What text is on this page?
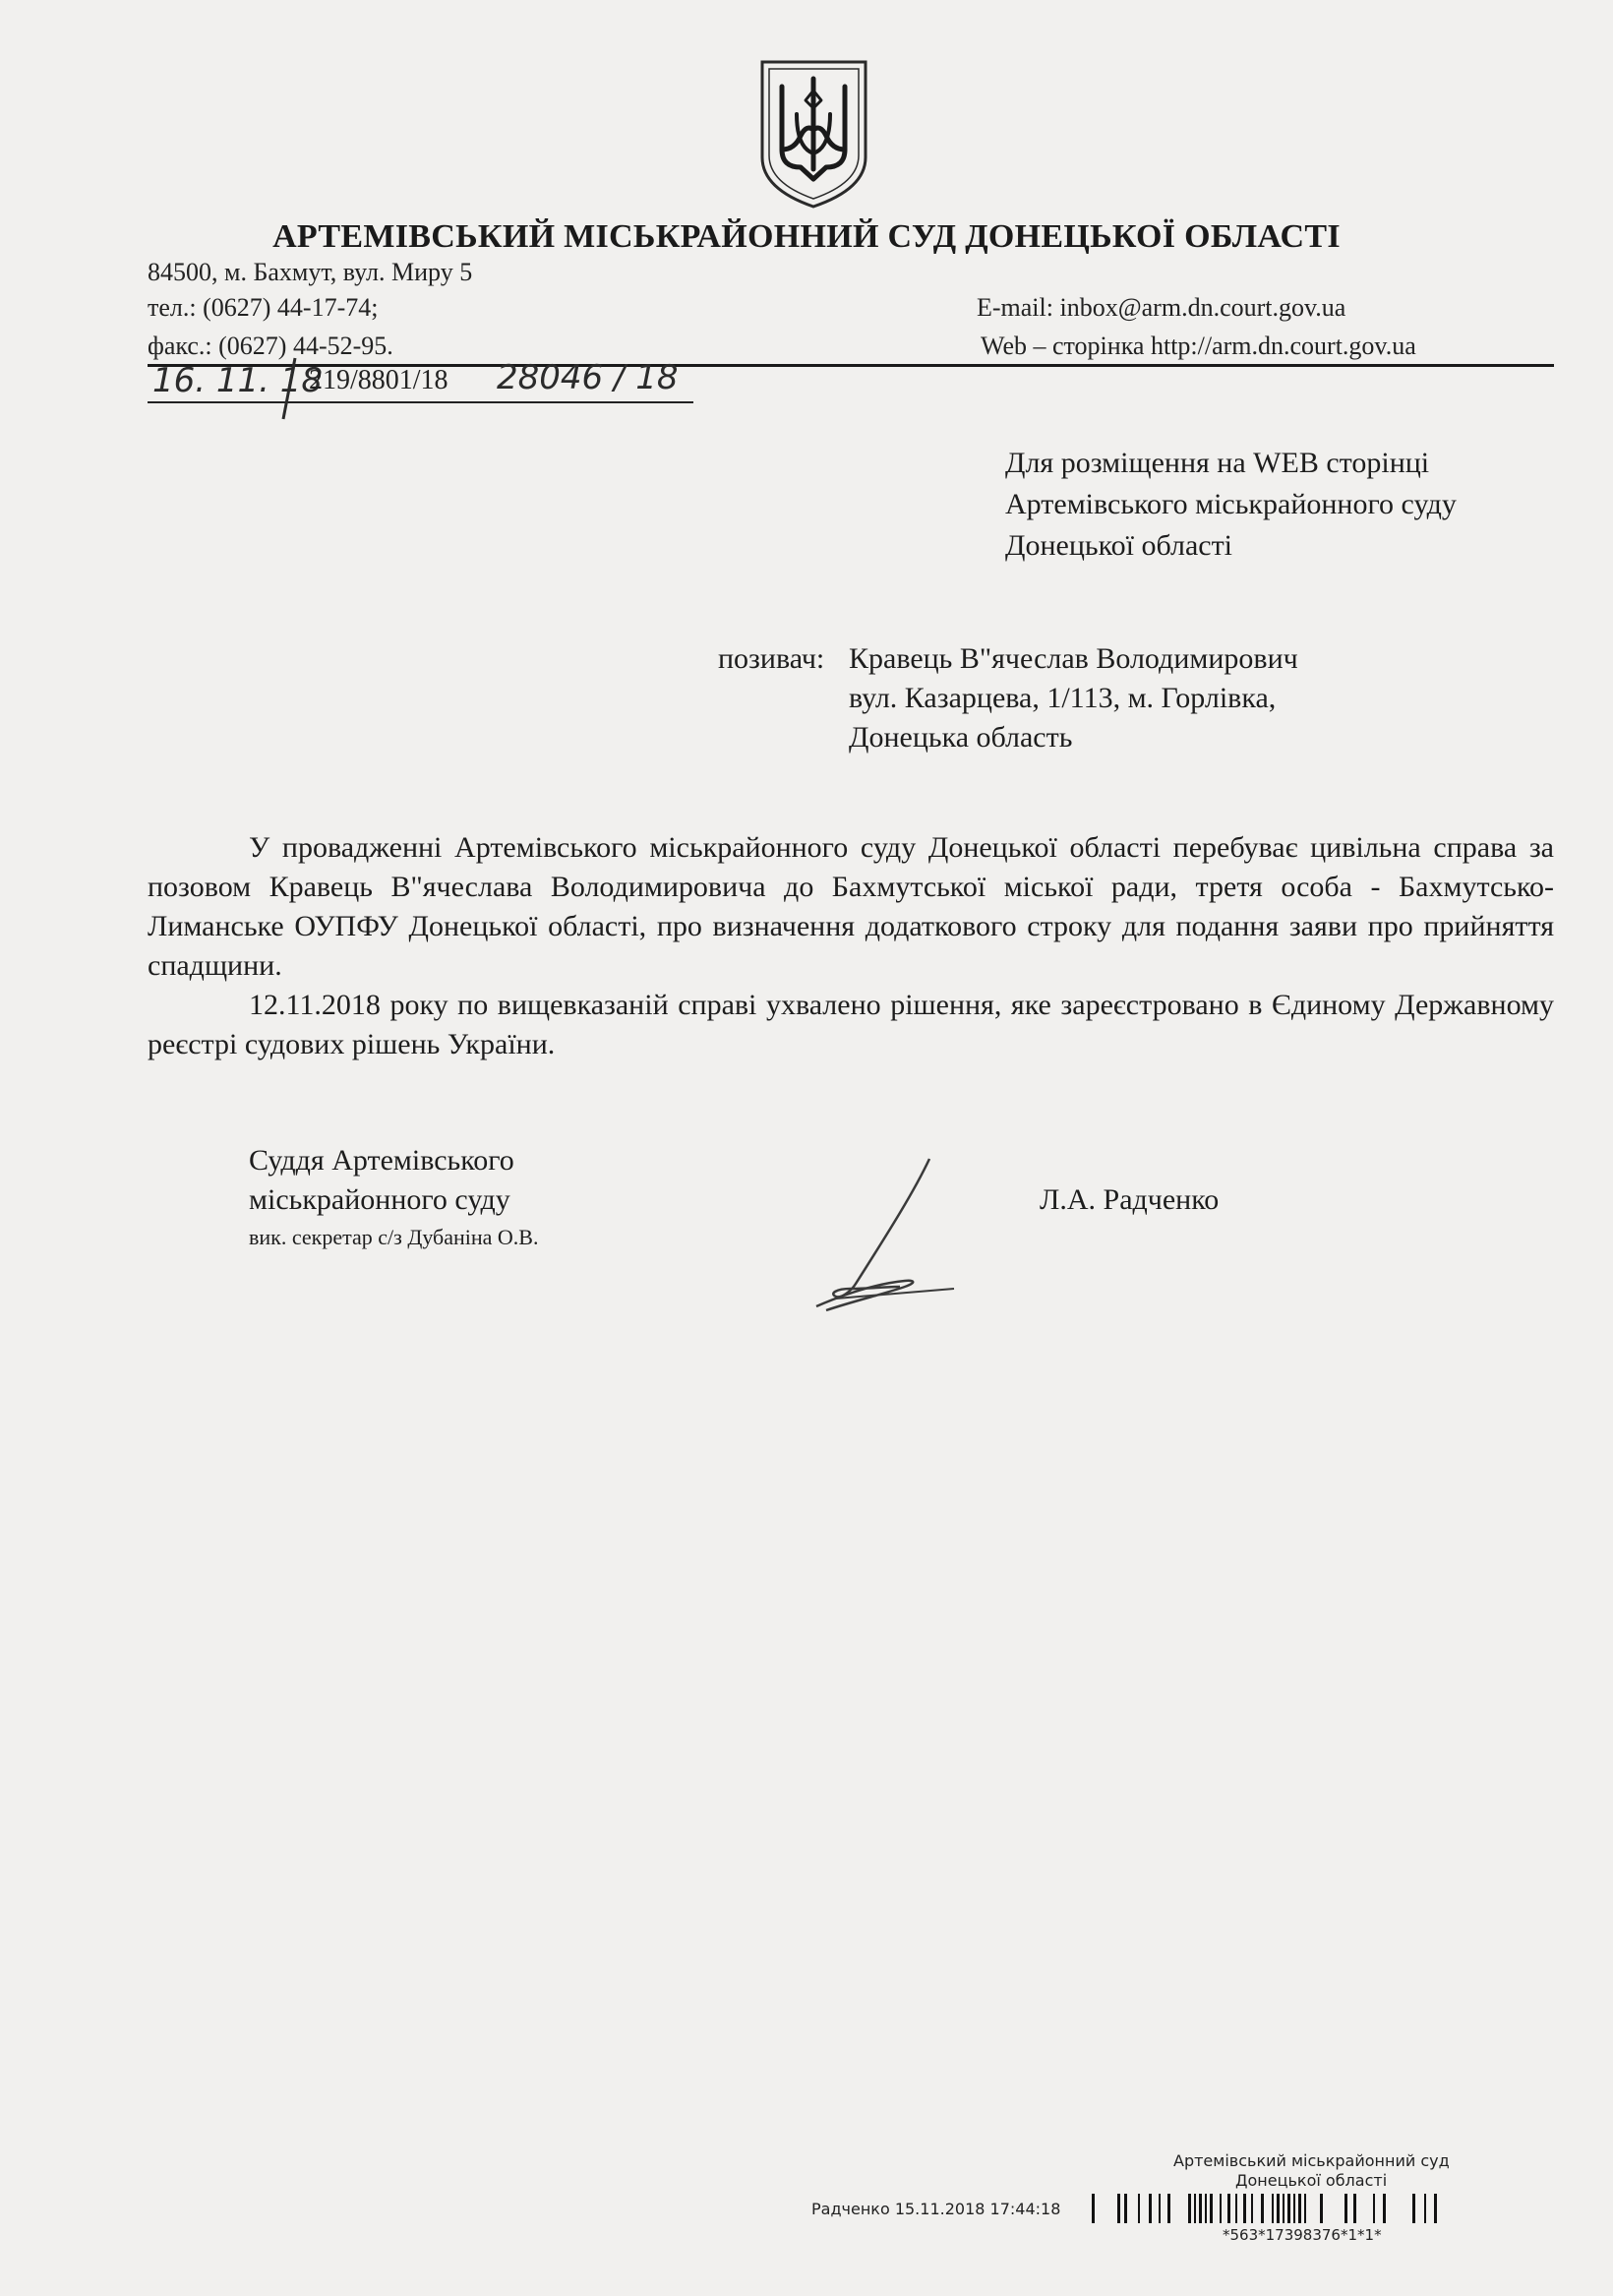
АРТЕМІВСЬКИЙ МІСЬКРАЙОННИЙ СУД ДОНЕЦЬКОЇ ОБЛАСТІ
84500, м. Бахмут, вул. Миру 5
тел.: (0627) 44-17-74;
факс.: (0627) 44-52-95.
E-mail: inbox@arm.dn.court.gov.ua
Web – сторінка http://arm.dn.court.gov.ua
16. 11. 18
219/8801/18 28046 / 18
Для розміщення на WEB сторінці
Артемівського міськрайонного суду
Донецької області
позивач: Кравець В"ячеслав Володимирович
вул. Казарцева, 1/113, м. Горлівка,
Донецька область

У провадженні Артемівського міськрайонного суду Донецької області перебуває цивільна справа за позовом Кравець В"ячеслава Володимировича до Бахмутської міської ради, третя особа - Бахмутсько-Лиманське ОУПФУ Донецької області, про визначення додаткового строку для подання заяви про прийняття спадщини.

12.11.2018 року по вищевказаній справі ухвалено рішення, яке зареєстровано в Єдиному Державному реєстрі судових рішень України.

Суддя Артемівського
міськрайонного суду
вик. секретар с/з Дубаніна О.В.
Л.А. Радченко
Артемівський міськрайонний суд
Донецької області
Радченко 15.11.2018 17:44:18
*563*17398376*1*1*
